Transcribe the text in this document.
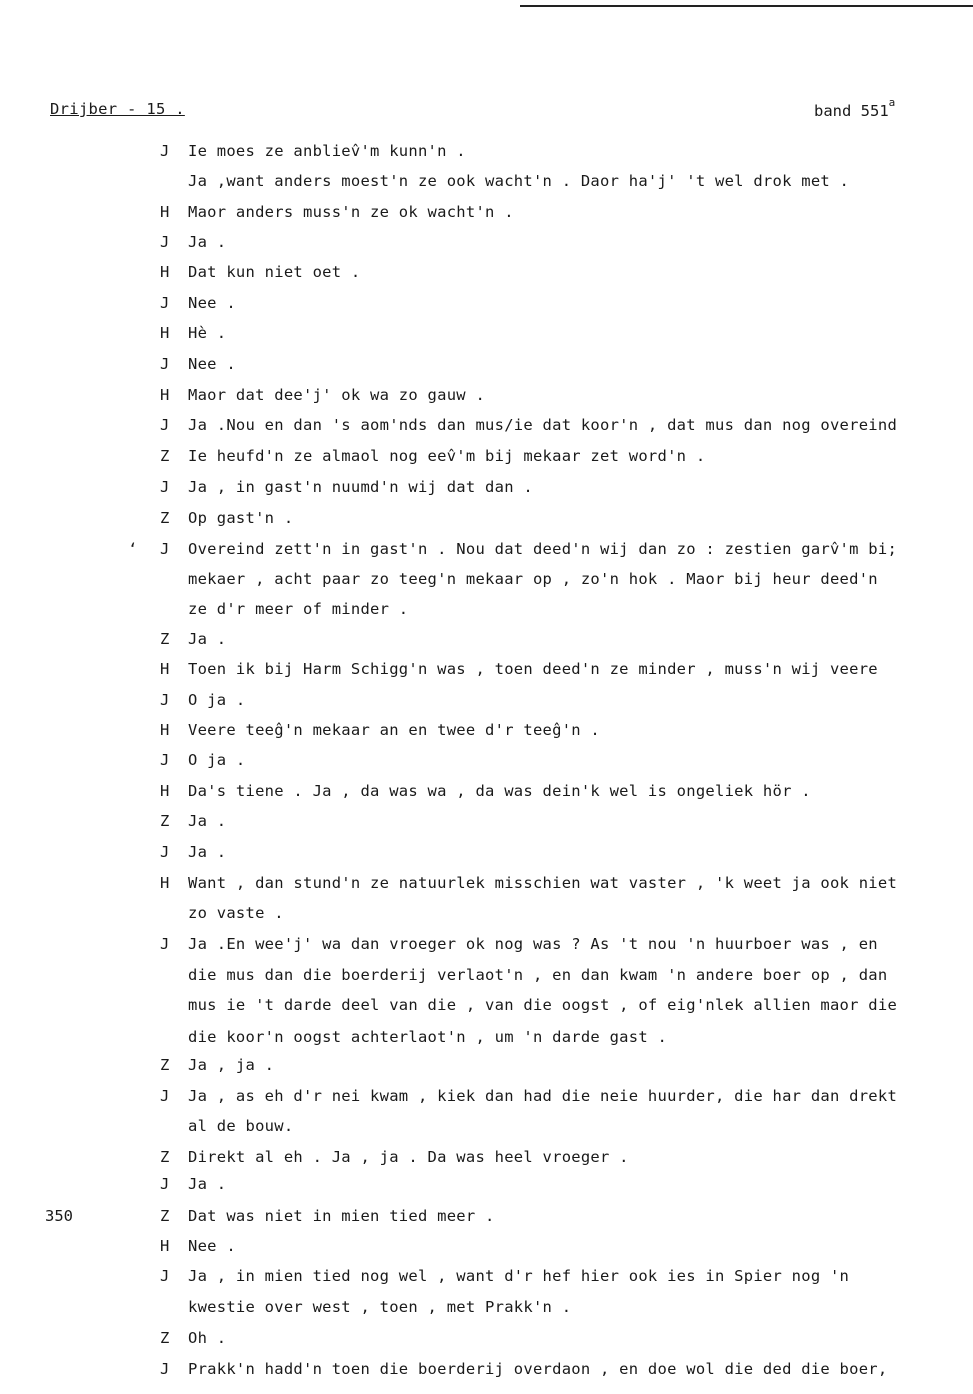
Drijber - 15 .	band 551$^a$
‘
350
J	Ie moes ze anbliev̂'m kunn'n .
Ja ,want anders moest'n ze ook wacht'n . Daor ha'j' 't wel drok met .
H	Maor anders muss'n ze ok wacht'n .
J	Ja .
H	Dat kun niet oet .
J	Nee .
H	Hè .
J	Nee .
H	Maor dat dee'j' ok wa zo gauw .
J	Ja .Nou en dan 's aom'nds dan mus/ie dat koor'n , dat mus dan nog overeind
Z	Ie heufd'n ze almaol nog eev̂'m bij mekaar zet word'n .
J	Ja , in gast'n nuumd'n wij dat dan .
Z	Op gast'n .
J	Overeind zett'n in gast'n . Nou dat deed'n wij dan zo : zestien garv̂'m bi;
mekaer , acht paar zo teeg'n mekaar op , zo'n hok . Maor bij heur deed'n
ze d'r meer of minder .
Z	Ja .
H	Toen ik bij Harm Schigg'n was , toen deed'n ze minder , muss'n wij veere
J	O ja .
H	Veere teeĝ'n mekaar an en twee d'r teeĝ'n .
J	O ja .
H	Da's tiene . Ja , da was wa , da was dein'k wel is ongeliek hör .
Z	Ja .
J	Ja .
H	Want , dan stund'n ze natuurlek misschien wat vaster , 'k weet ja ook niet
zo vaste .
J	Ja .En wee'j' wa dan vroeger ok nog was ? As 't nou 'n huurboer was , en
die mus dan die boerderij verlaot'n , en dan kwam 'n andere boer op , dan
mus ie 't darde deel van die , van die oogst , of eig'nlek allien maor die
die koor'n oogst achterlaot'n , um 'n darde gast .
Z	Ja , ja .
J	Ja , as eh d'r nei kwam , kiek dan had die neie huurder, die har dan drekt
al de bouw.
Z	Direkt al eh . Ja , ja . Da was heel vroeger .
J	Ja .
Z	Dat was niet in mien tied meer .
H	Nee .
J	Ja , in mien tied nog wel , want d'r hef hier ook ies in Spier nog 'n
kwestie over west , toen , met Prakk'n .
Z	Oh .
J	Prakk'n hadd'n toen die boerderij overdaon , en doe wol die ded die boer,
